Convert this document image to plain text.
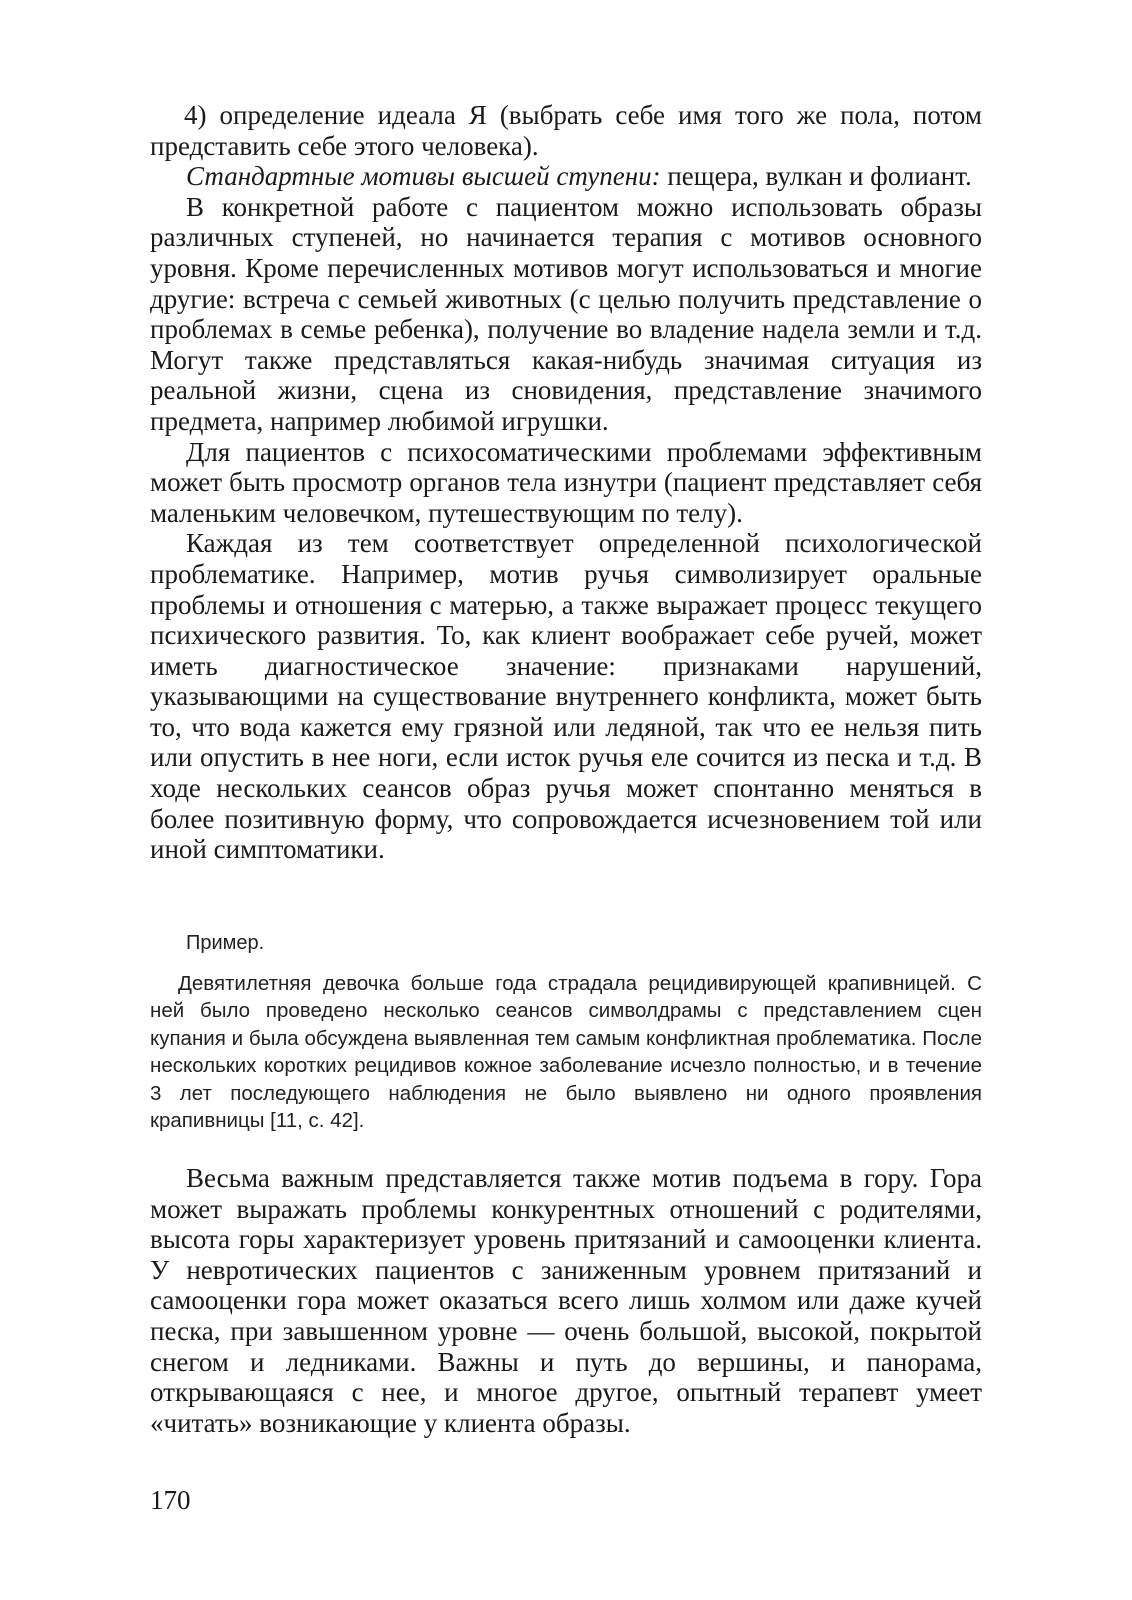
4) определение идеала Я (выбрать себе имя того же пола, потом представить себе этого человека).

Стандартные мотивы высшей ступени: пещера, вулкан и фолиант.

В конкретной работе с пациентом можно использовать образы различных ступеней, но начинается терапия с мотивов основного уровня. Кроме перечисленных мотивов могут использоваться и многие другие: встреча с семьей животных (с целью получить представление о проблемах в семье ребенка), получение во владение надела земли и т.д. Могут также представляться какая-нибудь значимая ситуация из реальной жизни, сцена из сновидения, представление значимого предмета, например любимой игрушки.

Для пациентов с психосоматическими проблемами эффективным может быть просмотр органов тела изнутри (пациент представляет себя маленьким человечком, путешествующим по телу).

Каждая из тем соответствует определенной психологической проблематике. Например, мотив ручья символизирует оральные проблемы и отношения с матерью, а также выражает процесс текущего психического развития. То, как клиент воображает себе ручей, может иметь диагностическое значение: признаками нарушений, указывающими на существование внутреннего конфликта, может быть то, что вода кажется ему грязной или ледяной, так что ее нельзя пить или опустить в нее ноги, если исток ручья еле сочится из песка и т.д. В ходе нескольких сеансов образ ручья может спонтанно меняться в более позитивную форму, что сопровождается исчезновением той или иной симптоматики.

Пример.

Девятилетняя девочка больше года страдала рецидивирующей крапивницей. С ней было проведено несколько сеансов символдрамы с представлением сцен купания и была обсуждена выявленная тем самым конфликтная проблематика. После нескольких коротких рецидивов кожное заболевание исчезло полностью, и в течение 3 лет последующего наблюдения не было выявлено ни одного проявления крапивницы [11, с. 42].

Весьма важным представляется также мотив подъема в гору. Гора может выражать проблемы конкурентных отношений с родителями, высота горы характеризует уровень притязаний и самооценки клиента. У невротических пациентов с заниженным уровнем притязаний и самооценки гора может оказаться всего лишь холмом или даже кучей песка, при завышенном уровне — очень большой, высокой, покрытой снегом и ледниками. Важны и путь до вершины, и панорама, открывающаяся с нее, и многое другое, опытный терапевт умеет «читать» возникающие у клиента образы.

170
